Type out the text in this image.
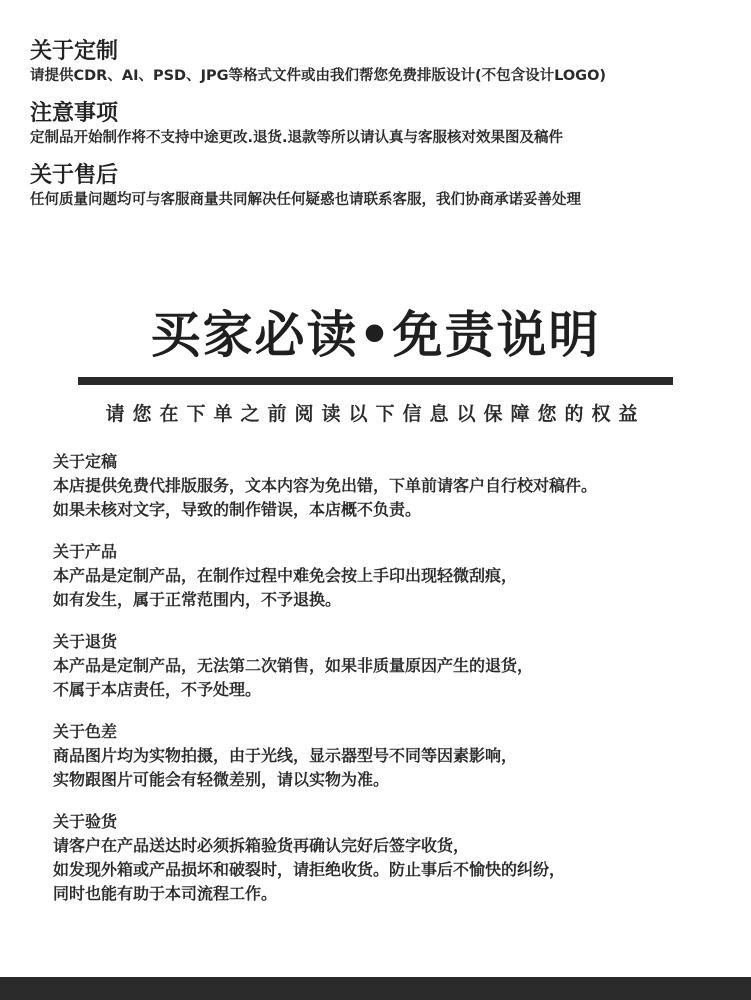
关于定制
请提供CDR、AI、PSD、JPG等格式文件或由我们帮您免费排版设计(不包含设计LOGO)
注意事项
定制品开始制作将不支持中途更改.退货.退款等所以请认真与客服核对效果图及稿件
关于售后
任何质量问题均可与客服商量共同解决任何疑惑也请联系客服，我们协商承诺妥善处理
买家必读•免责说明
请您在下单之前阅读以下信息以保障您的权益
关于定稿
本店提供免费代排版服务，文本内容为免出错，下单前请客户自行校对稿件。
如果未核对文字，导致的制作错误，本店概不负责。
关于产品
本产品是定制产品，在制作过程中难免会按上手印出现轻微刮痕，
如有发生，属于正常范围内，不予退换。
关于退货
本产品是定制产品，无法第二次销售，如果非质量原因产生的退货，
不属于本店责任，不予处理。
关于色差
商品图片均为实物拍摄，由于光线，显示器型号不同等因素影响，
实物跟图片可能会有轻微差别，请以实物为准。
关于验货
请客户在产品送达时必须拆箱验货再确认完好后签字收货，
如发现外箱或产品损坏和破裂时，请拒绝收货。防止事后不愉快的纠纷，
同时也能有助于本司流程工作。
